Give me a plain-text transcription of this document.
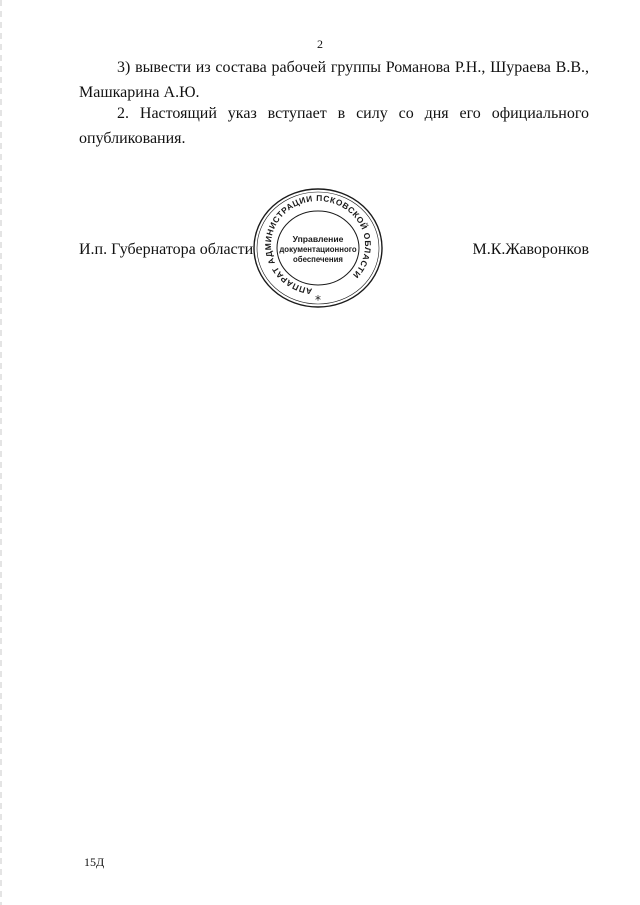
2

3) вывести из состава рабочей группы Романова Р.Н., Шураева В.В.,
Машкарина А.Ю.

2. Настоящий указ вступает в силу со дня его официального
опубликования.

И.п. Губернатора области	М.К.Жаворонков
АППАРАТ АДМИНИСТРАЦИИ ПСКОВСКОЙ ОБЛАСТИ
Управление
документационного
обеспечения
*
15Д
